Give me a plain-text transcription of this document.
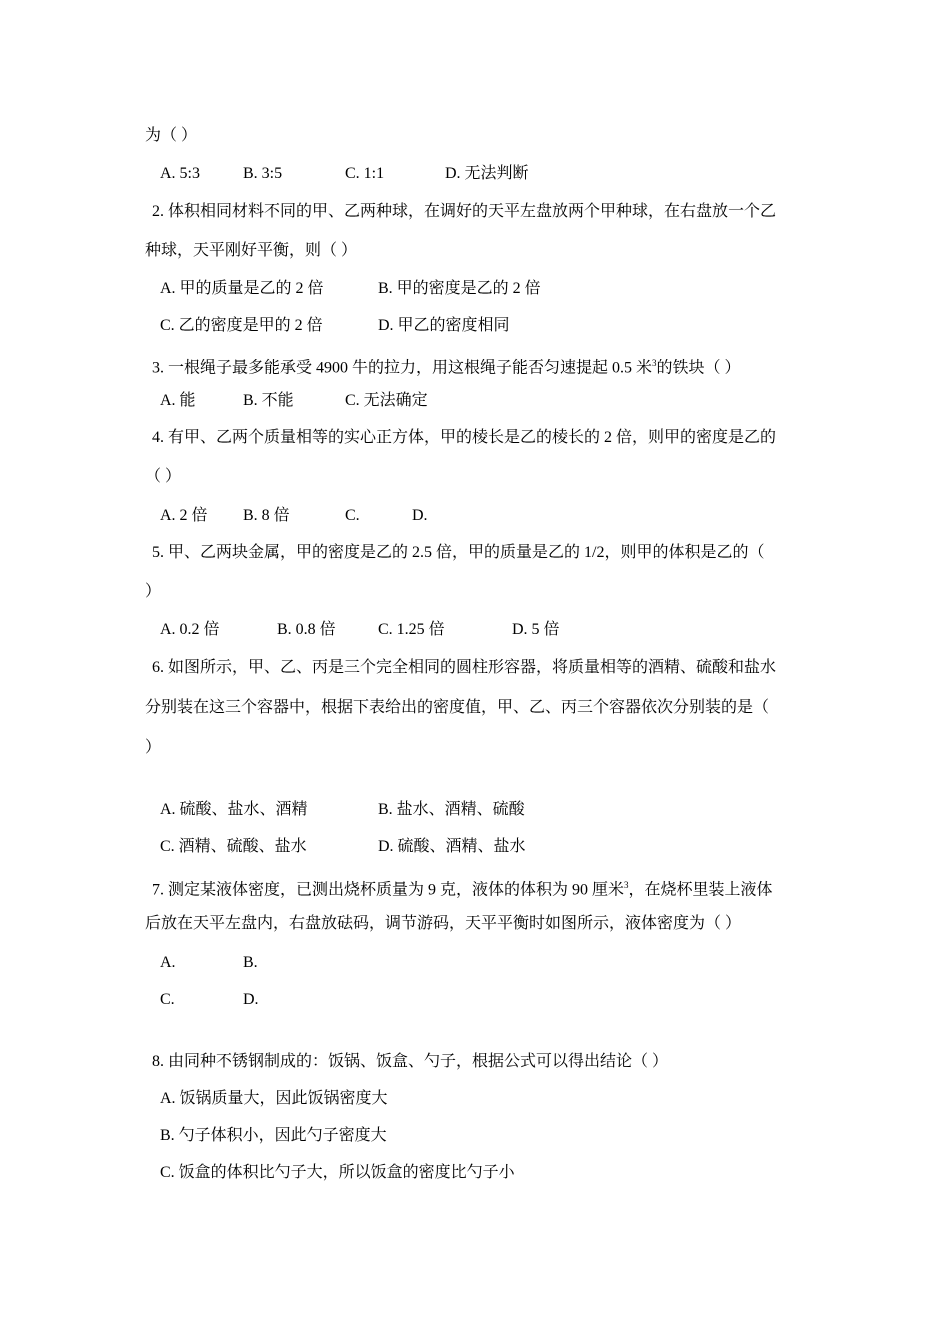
为（ ）
A. 5:3	B. 3:5	C. 1:1	D. 无法判断
2. 体积相同材料不同的甲、乙两种球，在调好的天平左盘放两个甲种球，在右盘放一个乙
种球，天平刚好平衡，则（ ）
A. 甲的质量是乙的 2 倍	B. 甲的密度是乙的 2 倍
C. 乙的密度是甲的 2 倍	D. 甲乙的密度相同
3. 一根绳子最多能承受 4900 牛的拉力，用这根绳子能否匀速提起 0.5 米$^3$的铁块（ ）
A. 能	B. 不能	C. 无法确定
4. 有甲、乙两个质量相等的实心正方体，甲的棱长是乙的棱长的 2 倍，则甲的密度是乙的
（ ）
A. 2 倍 B. 8 倍	C.	D.
5. 甲、乙两块金属，甲的密度是乙的 2.5 倍，甲的质量是乙的 1/2，则甲的体积是乙的（
）
A. 0.2 倍	B. 0.8 倍	C. 1.25 倍	D. 5 倍
6. 如图所示，甲、乙、丙是三个完全相同的圆柱形容器，将质量相等的酒精、硫酸和盐水
分别装在这三个容器中，根据下表给出的密度值，甲、乙、丙三个容器依次分别装的是（
）
A. 硫酸、盐水、酒精	B. 盐水、酒精、硫酸
C. 酒精、硫酸、盐水	D. 硫酸、酒精、盐水
7. 测定某液体密度，已测出烧杯质量为 9 克，液体的体积为 90 厘米$^3$，在烧杯里装上液体
后放在天平左盘内，右盘放砝码，调节游码，天平平衡时如图所示，液体密度为（ ）
A.	B.
C.	D.
8. 由同种不锈钢制成的：饭锅、饭盒、勺子，根据公式可以得出结论（ ）
A. 饭锅质量大，因此饭锅密度大
B. 勺子体积小，因此勺子密度大
C. 饭盒的体积比勺子大，所以饭盒的密度比勺子小
